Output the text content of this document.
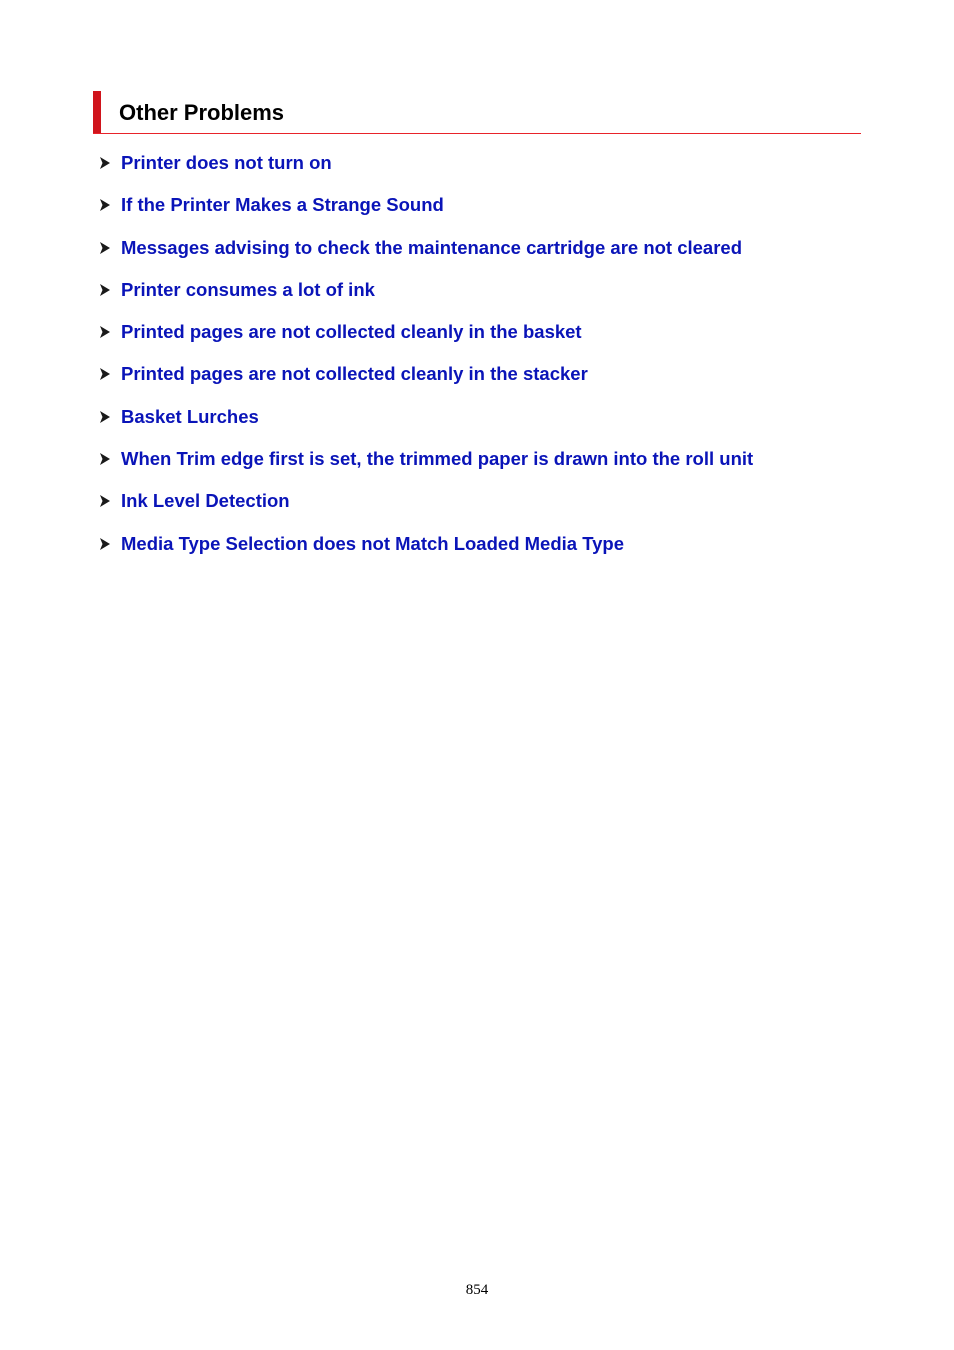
Other Problems
Printer does not turn on
If the Printer Makes a Strange Sound
Messages advising to check the maintenance cartridge are not cleared
Printer consumes a lot of ink
Printed pages are not collected cleanly in the basket
Printed pages are not collected cleanly in the stacker
Basket Lurches
When Trim edge first is set, the trimmed paper is drawn into the roll unit
Ink Level Detection
Media Type Selection does not Match Loaded Media Type
854
